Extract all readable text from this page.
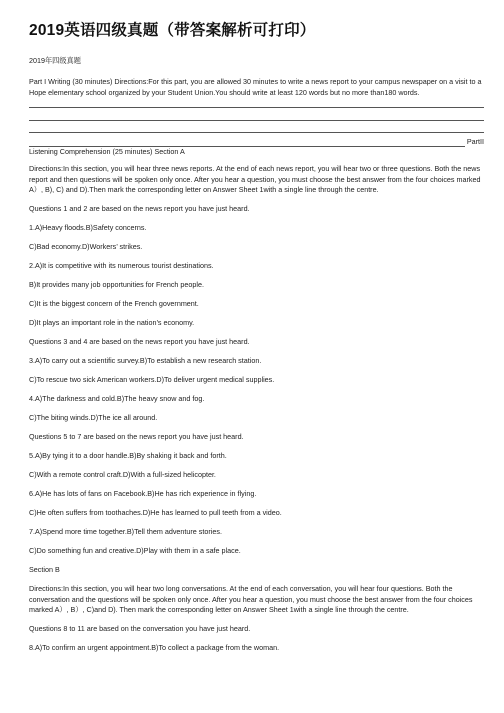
2019英语四级真题（带答案解析可打印）
2019年四级真题

Part I Writing (30 minutes) Directions:For this part, you are allowed 30 minutes to write a news report to your campus newspaper on a visit to a Hope elementary school organized by your Student Union.You should write at least 120 words but no more than180 words.

PartII

Listening Comprehension (25 minutes) Section A

Directions:In this section, you will hear three news reports. At the end of each news report, you will hear two or three questions. Both the news report and then questions will be spoken only once. After you hear a question, you must choose the best answer from the four choices marked A）, B), C) and D).Then mark the corresponding letter on Answer Sheet 1with a single line through the centre.

Questions 1 and 2 are based on the news report you have just heard.

1.A)Heavy floods.B)Safety concerns.

C)Bad economy.D)Workers’ strikes.

2.A)It is competitive with its numerous tourist destinations.

B)It provides many job opportunities for French people.

C)It is the biggest concern of the French government.

D)It plays an important role in the nation’s economy.

Questions 3 and 4 are based on the news report you have just heard.

3.A)To carry out a scientific survey.B)To establish a new research station.

C)To rescue two sick American workers.D)To deliver urgent medical supplies.

4.A)The darkness and cold.B)The heavy snow and fog.

C)The biting winds.D)The ice all around.

Questions 5 to 7 are based on the news report you have just heard.

5.A)By tying it to a door handle.B)By shaking it back and forth.

C)With a remote control craft.D)With a full-sized helicopter.

6.A)He has lots of fans on Facebook.B)He has rich experience in flying.

C)He often suffers from toothaches.D)He has learned to pull teeth from a video.

7.A)Spend more time together.B)Tell them adventure stories.

C)Do something fun and creative.D)Play with them in a safe place.

Section B

Directions:In this section, you will hear two long conversations. At the end of each conversation, you will hear four questions. Both the conversation and the questions will be spoken only once. After you hear a question, you must choose the best answer from the four choices marked A）, B）, C)and D). Then mark the corresponding letter on Answer Sheet 1with a single line through the centre.

Questions 8 to 11 are based on the conversation you have just heard.

8.A)To confirm an urgent appointment.B)To collect a package from the woman.
